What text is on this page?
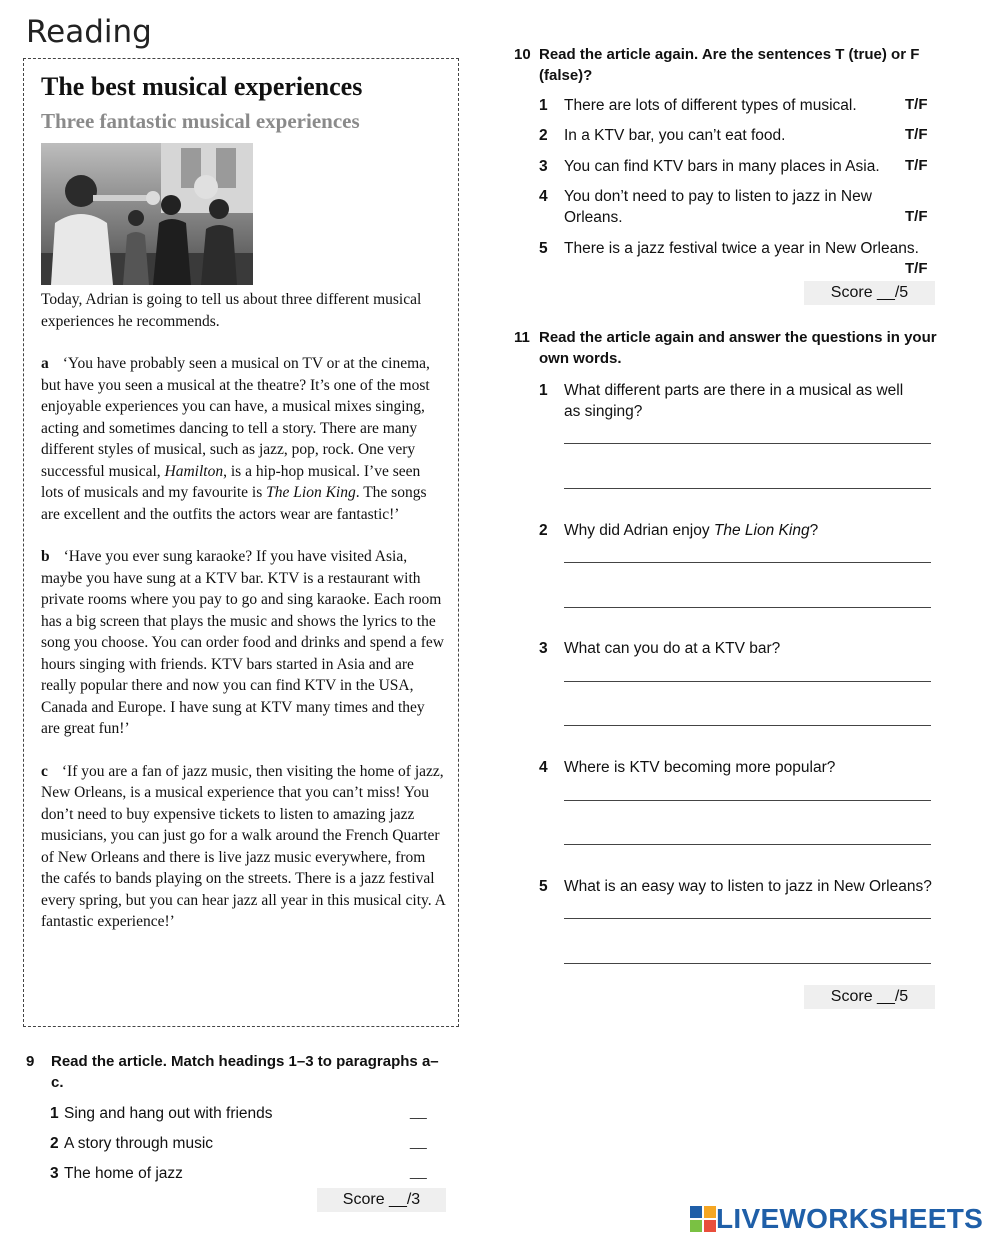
Reading
The best musical experiences
Three fantastic musical experiences

Today, Adrian is going to tell us about three different musical experiences he recommends.

a ‘You have probably seen a musical on TV or at the cinema, but have you seen a musical at the theatre? It’s one of the most enjoyable experiences you can have, a musical mixes singing, acting and sometimes dancing to tell a story. There are many different styles of musical, such as jazz, pop, rock. One very successful musical, Hamilton, is a hip-hop musical. I’ve seen lots of musicals and my favourite is The Lion King. The songs are excellent and the outfits the actors wear are fantastic!’

b ‘Have you ever sung karaoke? If you have visited Asia, maybe you have sung at a KTV bar. KTV is a restaurant with private rooms where you pay to go and sing karaoke. Each room has a big screen that plays the music and shows the lyrics to the song you choose. You can order food and drinks and spend a few hours singing with friends. KTV bars started in Asia and are really popular there and now you can find KTV in the USA, Canada and Europe. I have sung at KTV many times and they are great fun!’

c ‘If you are a fan of jazz music, then visiting the home of jazz, New Orleans, is a musical experience that you can’t miss! You don’t need to buy expensive tickets to listen to amazing jazz musicians, you can just go for a walk around the French Quarter of New Orleans and there is live jazz music everywhere, from the cafés to bands playing on the streets. There is a jazz festival every spring, but you can hear jazz all year in this musical city. A fantastic experience!’

9	Read the article. Match headings 1–3 to paragraphs a–c.
1 Sing and hang out with friends	__
2 A story through music	__
3 The home of jazz	__
Score __/3
10 Read the article again. Are the sentences T (true) or F (false)?
1 There are lots of different types of musical.	T/F
2 In a KTV bar, you can’t eat food.	T/F
3 You can find KTV bars in many places in Asia. T/F
4 You don’t need to pay to listen to jazz in New
Orleans.	T/F
5 There is a jazz festival twice a year in New Orleans.
T/F
Score __/5
11 Read the article again and answer the questions in your own words.
1 What different parts are there in a musical as well
as singing?
2 Why did Adrian enjoy The Lion King?
3 What can you do at a KTV bar?
4 Where is KTV becoming more popular?
5 What is an easy way to listen to jazz in New Orleans?
Score __/5
LIVEWORKSHEETS
